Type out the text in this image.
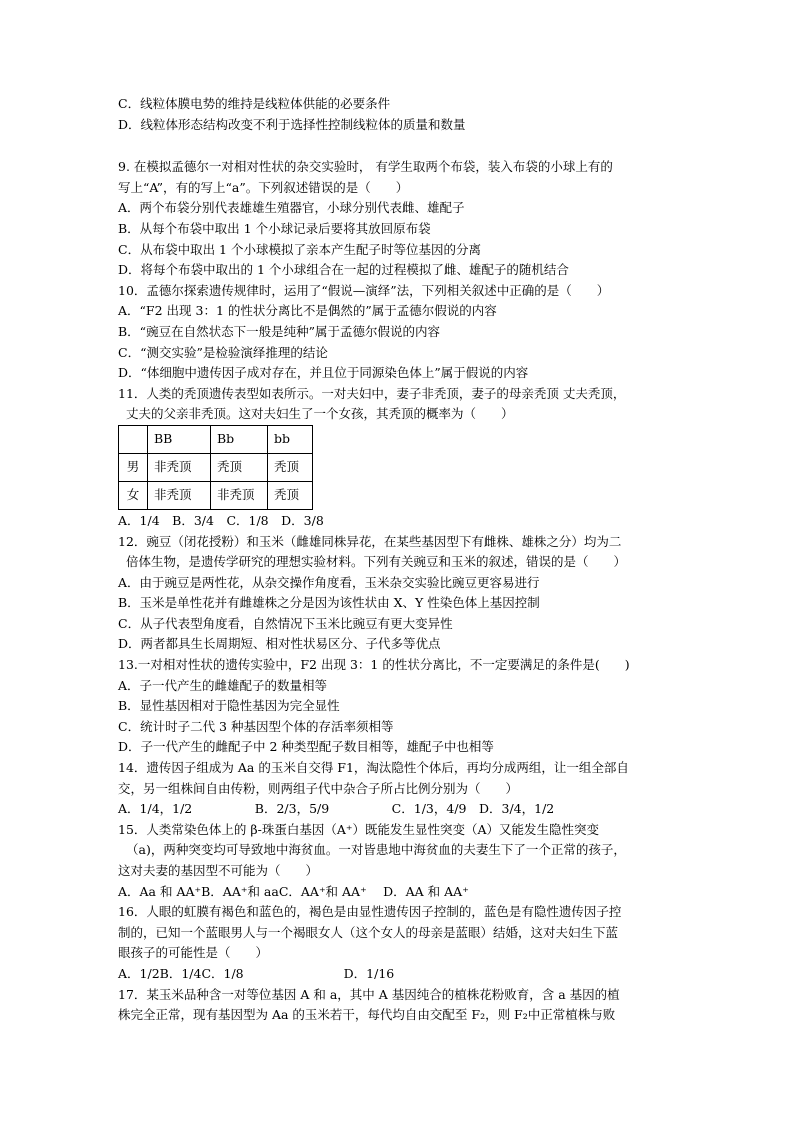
C．线粒体膜电势的维持是线粒体供能的必要条件
D．线粒体形态结构改变不利于选择性控制线粒体的质量和数量
9. 在模拟孟德尔一对相对性状的杂交实验时， 有学生取两个布袋，装入布袋的小球上有的
写上“A”，有的写上“a”。下列叙述错误的是（　　）
A．两个布袋分别代表雄雄生殖器官，小球分别代表雌、雄配子
B．从每个布袋中取出 1 个小球记录后要将其放回原布袋
C．从布袋中取出 1 个小球模拟了亲本产生配子时等位基因的分离
D．将每个布袋中取出的 1 个小球组合在一起的过程模拟了雌、雄配子的随机结合
10．孟德尔探索遗传规律时，运用了“假说—演绎”法，下列相关叙述中正确的是（　　）
A．“F2 出现 3：1 的性状分离比不是偶然的”属于孟德尔假说的内容
B．“豌豆在自然状态下一般是纯种”属于孟德尔假说的内容
C．“测交实验”是检验演绎推理的结论
D．“体细胞中遗传因子成对存在，并且位于同源染色体上”属于假说的内容
11．人类的秃顶遗传表型如表所示。一对夫妇中，妻子非秃顶，妻子的母亲秃顶 丈夫秃顶，
丈夫的父亲非秃顶。这对夫妇生了一个女孩，其秃顶的概率为（　　）
	BB	Bb	bb
男	非秃顶	秃顶	秃顶
女	非秃顶	非秃顶	秃顶
A．1/4　B．3/4　C．1/8　D．3/8
12．豌豆（闭花授粉）和玉米（雌雄同株异花，在某些基因型下有雌株、雄株之分）均为二
倍体生物，是遗传学研究的理想实验材料。下列有关豌豆和玉米的叙述，错误的是（　　）
A．由于豌豆是两性花，从杂交操作角度看，玉米杂交实验比豌豆更容易进行
B．玉米是单性花并有雌雄株之分是因为该性状由 X、Y 性染色体上基因控制
C．从子代表型角度看，自然情况下玉米比豌豆有更大变异性
D．两者都具生长周期短、相对性状易区分、子代多等优点
13.一对相对性状的遗传实验中，F2 出现 3：1 的性状分离比，不一定要满足的条件是(　　)
A．子一代产生的雌雄配子的数量相等
B．显性基因相对于隐性基因为完全显性
C．统计时子二代 3 种基因型个体的存活率须相等
D．子一代产生的雌配子中 2 种类型配子数目相等，雄配子中也相等
14．遗传因子组成为 Aa 的玉米自交得 F1，淘汰隐性个体后，再均分成两组，让一组全部自
交，另一组株间自由传粉，则两组子代中杂合子所占比例分别为（　　）
A．1/4，1/2　　　　　B．2/3，5/9　　　　　C．1/3，4/9　D．3/4，1/2
15．人类常染色体上的 β-珠蛋白基因（A⁺）既能发生显性突变（A）又能发生隐性突变
（a)，两种突变均可导致地中海贫血。一对皆患地中海贫血的夫妻生下了一个正常的孩子，
这对夫妻的基因型不可能为（　　）
A．Aa 和 AA⁺B．AA⁺和 aaC．AA⁺和 AA⁺　 D．AA 和 AA⁺
16．人眼的虹膜有褐色和蓝色的，褐色是由显性遗传因子控制的，蓝色是有隐性遗传因子控
制的，已知一个蓝眼男人与一个褐眼女人（这个女人的母亲是蓝眼）结婚，这对夫妇生下蓝
眼孩子的可能性是（　　）
A．1/2B．1/4C．1/8　　　　　　　　D．1/16
17．某玉米品种含一对等位基因 A 和 a，其中 A 基因纯合的植株花粉败育，含 a 基因的植
株完全正常，现有基因型为 Aa 的玉米若干，每代均自由交配至 F₂，则 F₂中正常植株与败
